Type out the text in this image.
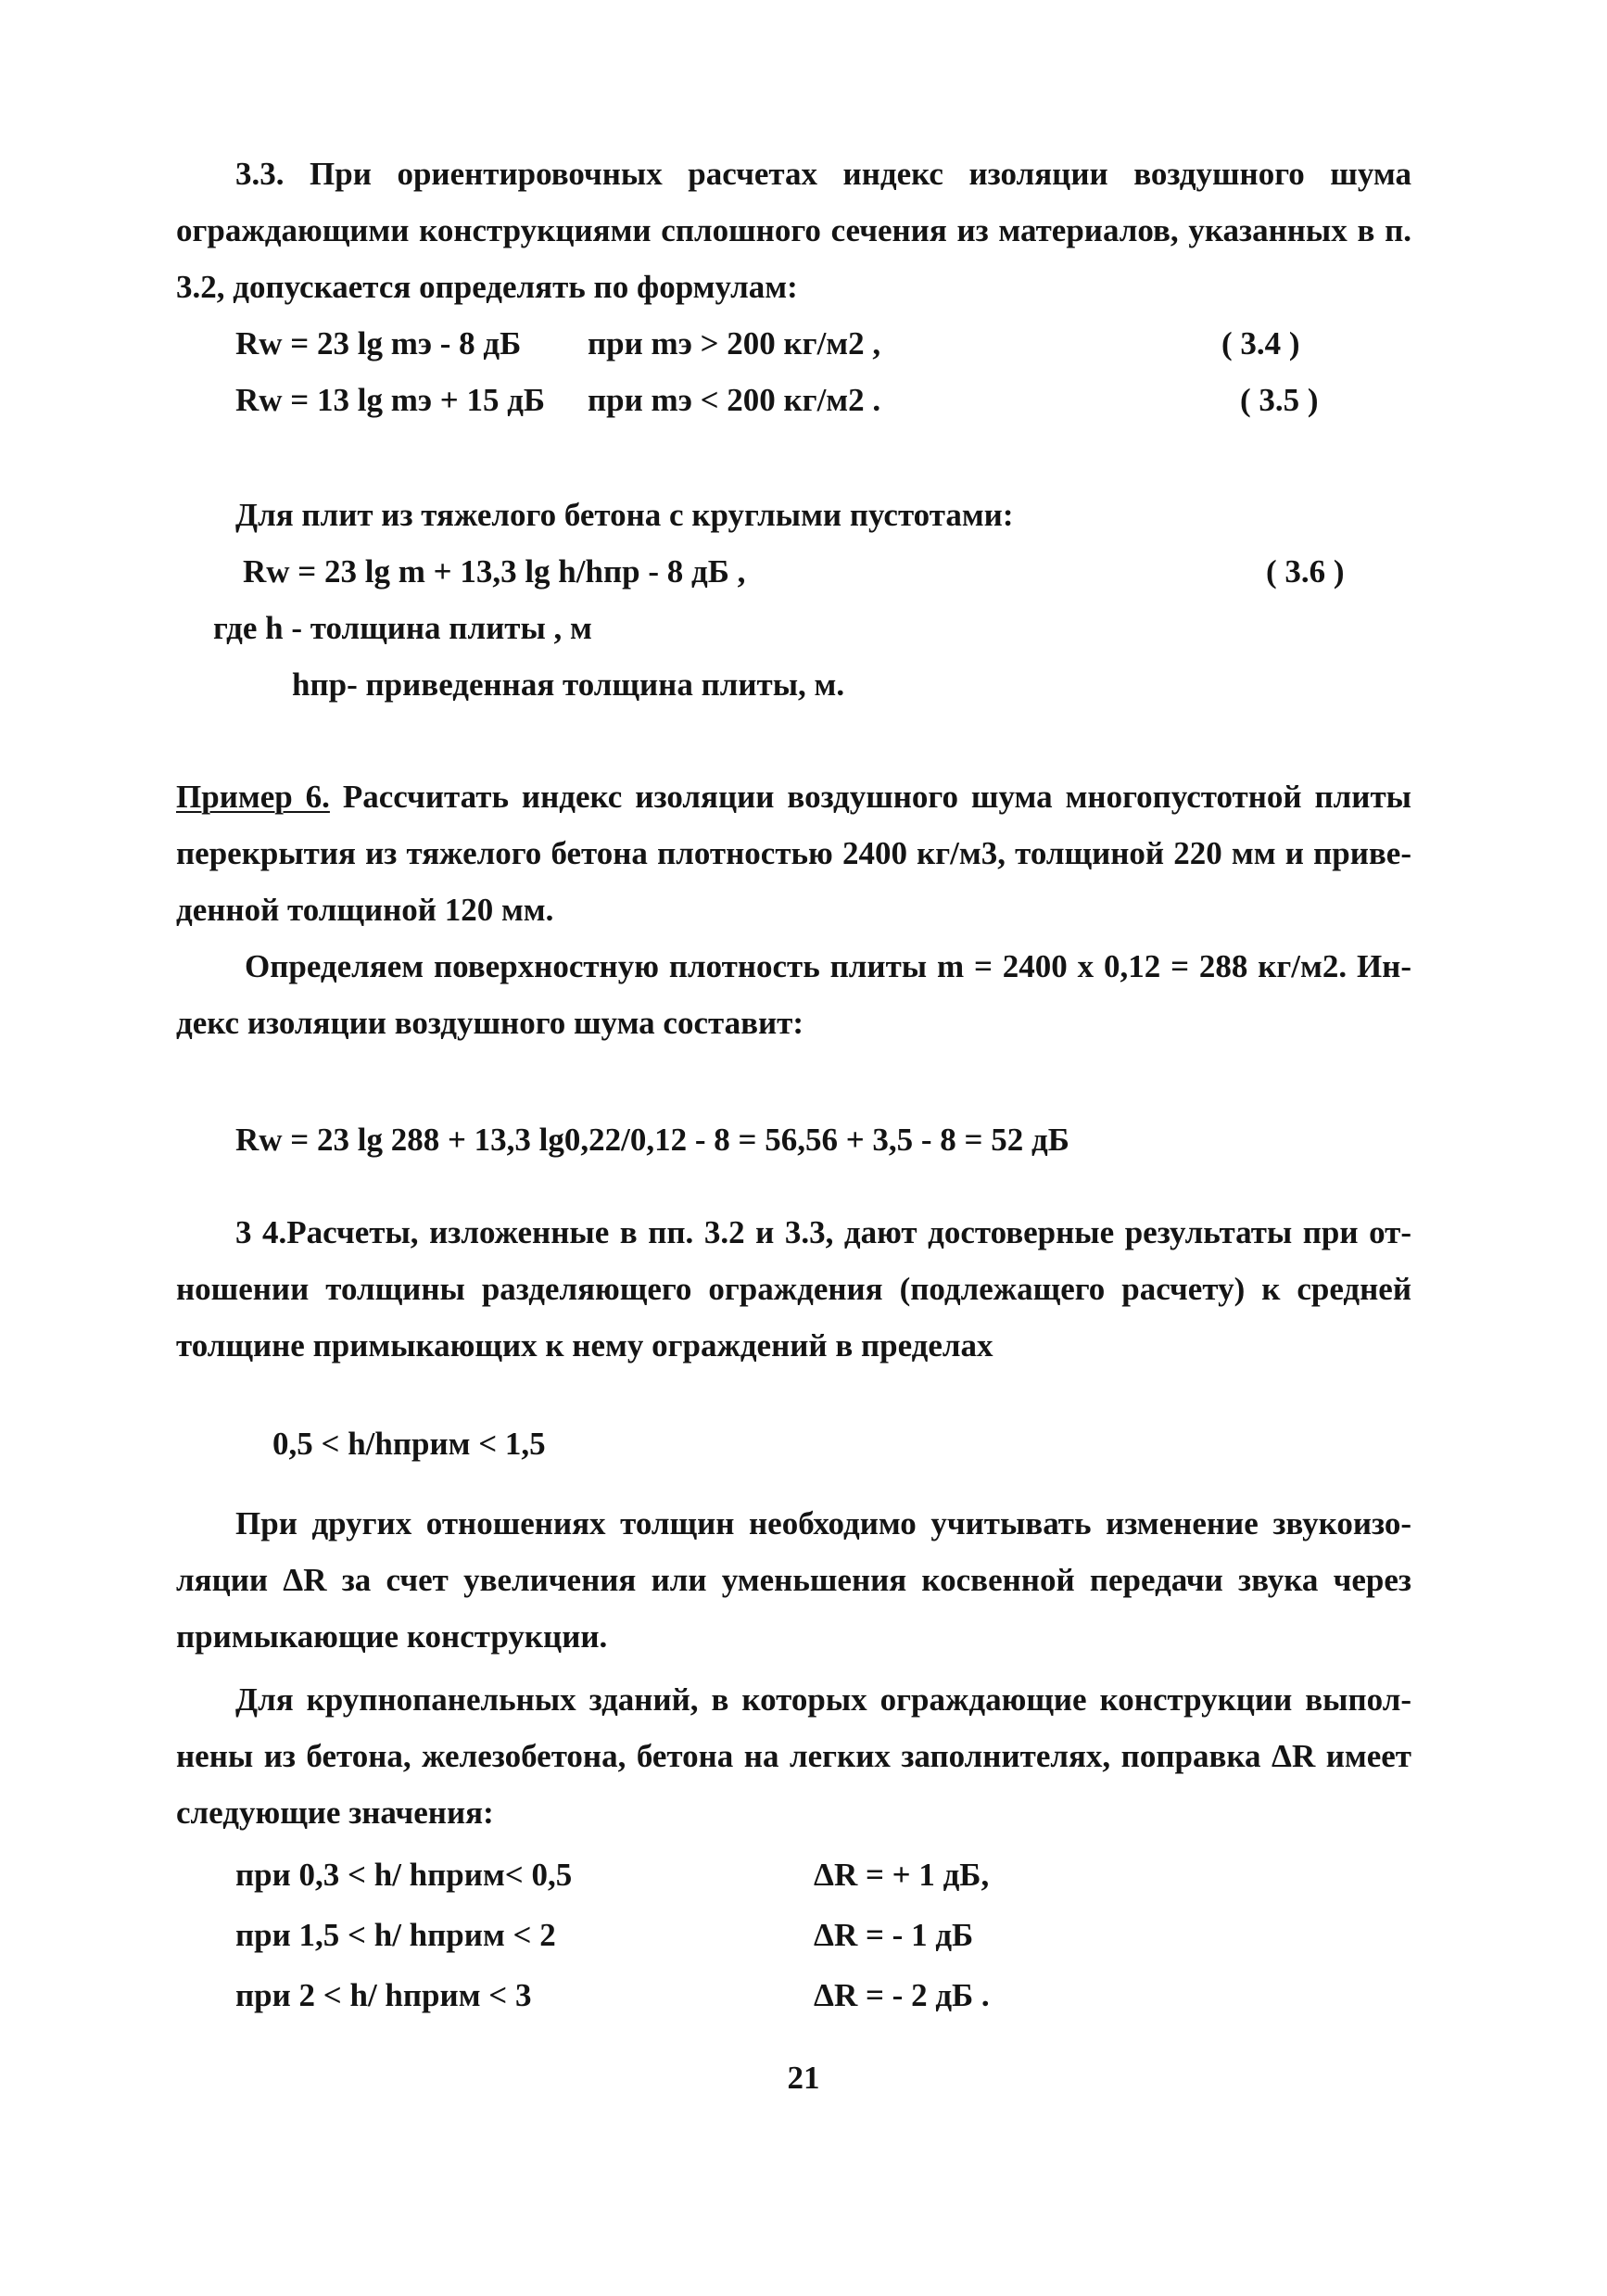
3.3. При ориентировочных расчетах индекс изоляции воздушного шума
ограждающими конструкциями сплошного сечения из материалов, указанных в п.
3.2, допускается определять по формулам:
Rw = 23 lg mэ - 8 дБ при mэ > 200 кг/м2 ,	( 3.4 )
Rw = 13 lg mэ + 15 дБ при mэ < 200 кг/м2 .	( 3.5 )
Для плит из тяжелого бетона с круглыми пустотами:
Rw = 23 lg m + 13,3 lg h/hпр - 8 дБ ,	( 3.6 )
где h - толщина плиты , м
hпр- приведенная толщина плиты, м.
Пример 6. Рассчитать индекс изоляции воздушного шума многопустотной плиты
перекрытия из тяжелого бетона плотностью 2400 кг/м3, толщиной 220 мм и приве-
денной толщиной 120 мм.
Определяем поверхностную плотность плиты m = 2400 x 0,12 = 288 кг/м2. Ин-
декс изоляции воздушного шума составит:
Rw = 23 lg 288 + 13,3 lg0,22/0,12 - 8 = 56,56 + 3,5 - 8 = 52 дБ
3 4.Расчеты, изложенные в пп. 3.2 и 3.3, дают достоверные результаты при от-
ношении толщины разделяющего ограждения (подлежащего расчету) к средней
толщине примыкающих к нему ограждений в пределах
0,5 < h/hприм < 1,5
При других отношениях толщин необходимо учитывать изменение звукоизо-
ляции ΔR за счет увеличения или уменьшения косвенной передачи звука через
примыкающие конструкции.
Для крупнопанельных зданий, в которых ограждающие конструкции выпол-
нены из бетона, железобетона, бетона на легких заполнителях, поправка ΔR имеет
следующие значения:
при 0,3 < h/ hприм< 0,5	ΔR = + 1 дБ,
при 1,5 < h/ hприм < 2	ΔR = - 1 дБ
при 2 < h/ hприм < 3	ΔR = - 2 дБ .
21
